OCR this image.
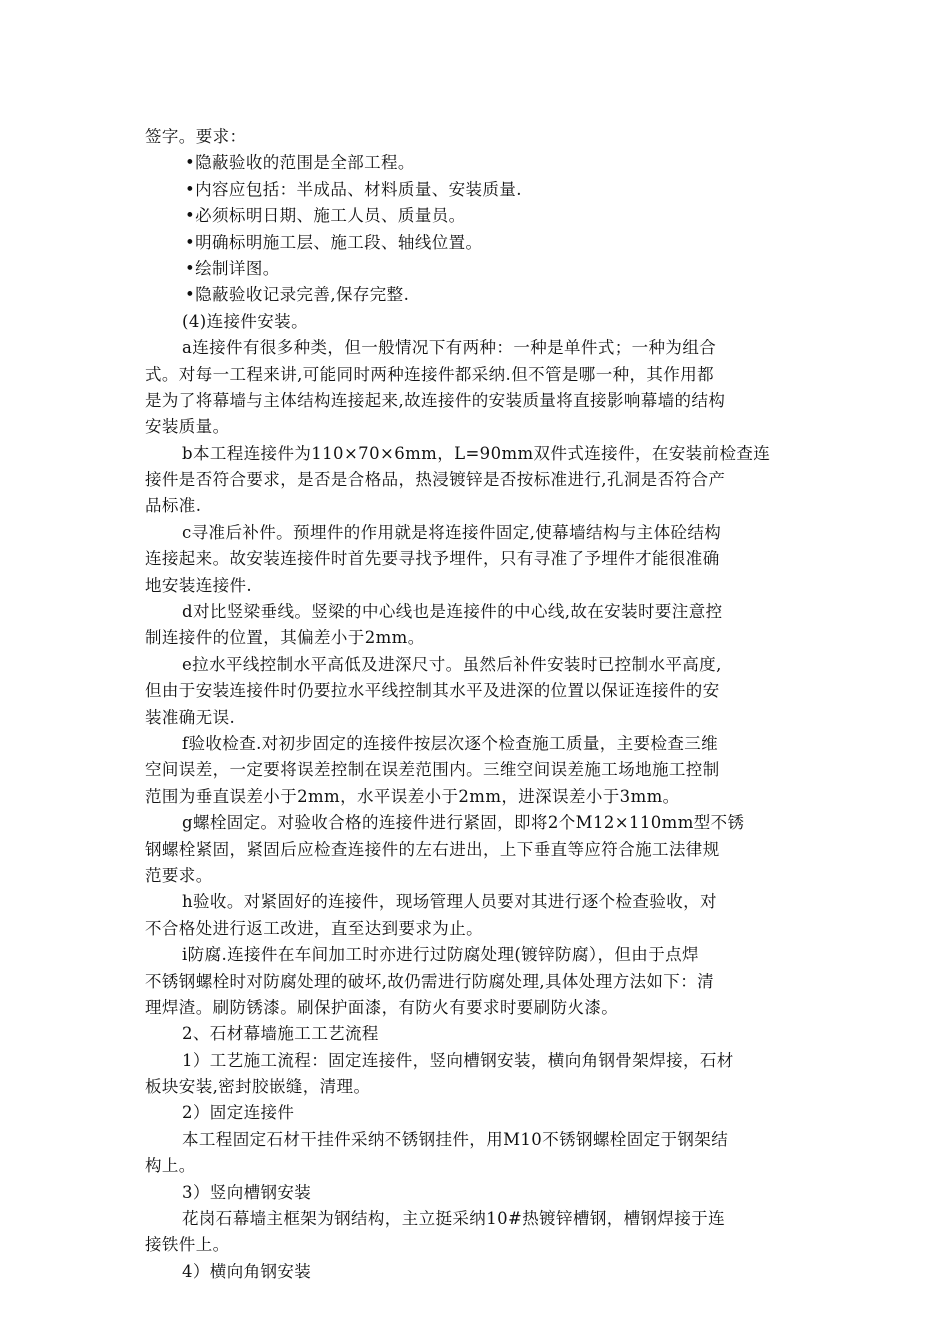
签字。要求：
•隐蔽验收的范围是全部工程。
•内容应包括：半成品、材料质量、安装质量.
•必须标明日期、施工人员、质量员。
•明确标明施工层、施工段、轴线位置。
•绘制详图。
•隐蔽验收记录完善,保存完整.
(4)连接件安装。
a连接件有很多种类，但一般情况下有两种：一种是单件式；一种为组合
式。对每一工程来讲,可能同时两种连接件都采纳.但不管是哪一种，其作用都
是为了将幕墙与主体结构连接起来,故连接件的安装质量将直接影响幕墙的结构
安装质量。
b本工程连接件为110×70×6mm，L=90mm双件式连接件，在安装前检查连
接件是否符合要求，是否是合格品，热浸镀锌是否按标准进行,孔洞是否符合产
品标准.
c寻准后补件。预埋件的作用就是将连接件固定,使幕墙结构与主体砼结构
连接起来。故安装连接件时首先要寻找予埋件，只有寻准了予埋件才能很准确
地安装连接件.
d对比竖梁垂线。竖梁的中心线也是连接件的中心线,故在安装时要注意控
制连接件的位置，其偏差小于2mm。
e拉水平线控制水平高低及进深尺寸。虽然后补件安装时已控制水平高度,
但由于安装连接件时仍要拉水平线控制其水平及进深的位置以保证连接件的安
装准确无误.
f验收检查.对初步固定的连接件按层次逐个检查施工质量，主要检查三维
空间误差，一定要将误差控制在误差范围内。三维空间误差施工场地施工控制
范围为垂直误差小于2mm，水平误差小于2mm，进深误差小于3mm。
g螺栓固定。对验收合格的连接件进行紧固，即将2个M12×110mm型不锈
钢螺栓紧固，紧固后应检查连接件的左右进出，上下垂直等应符合施工法律规
范要求。
h验收。对紧固好的连接件，现场管理人员要对其进行逐个检查验收，对
不合格处进行返工改进，直至达到要求为止。
i防腐.连接件在车间加工时亦进行过防腐处理(镀锌防腐），但由于点焊
不锈钢螺栓时对防腐处理的破坏,故仍需进行防腐处理,具体处理方法如下：清
理焊渣。刷防锈漆。刷保护面漆，有防火有要求时要刷防火漆。
2、石材幕墙施工工艺流程
1）工艺施工流程：固定连接件，竖向槽钢安装，横向角钢骨架焊接，石材
板块安装,密封胶嵌缝，清理。
2）固定连接件
本工程固定石材干挂件采纳不锈钢挂件，用M10不锈钢螺栓固定于钢架结
构上。
3）竖向槽钢安装
花岗石幕墙主框架为钢结构，主立挺采纳10#热镀锌槽钢，槽钢焊接于连
接铁件上。
4）横向角钢安装
